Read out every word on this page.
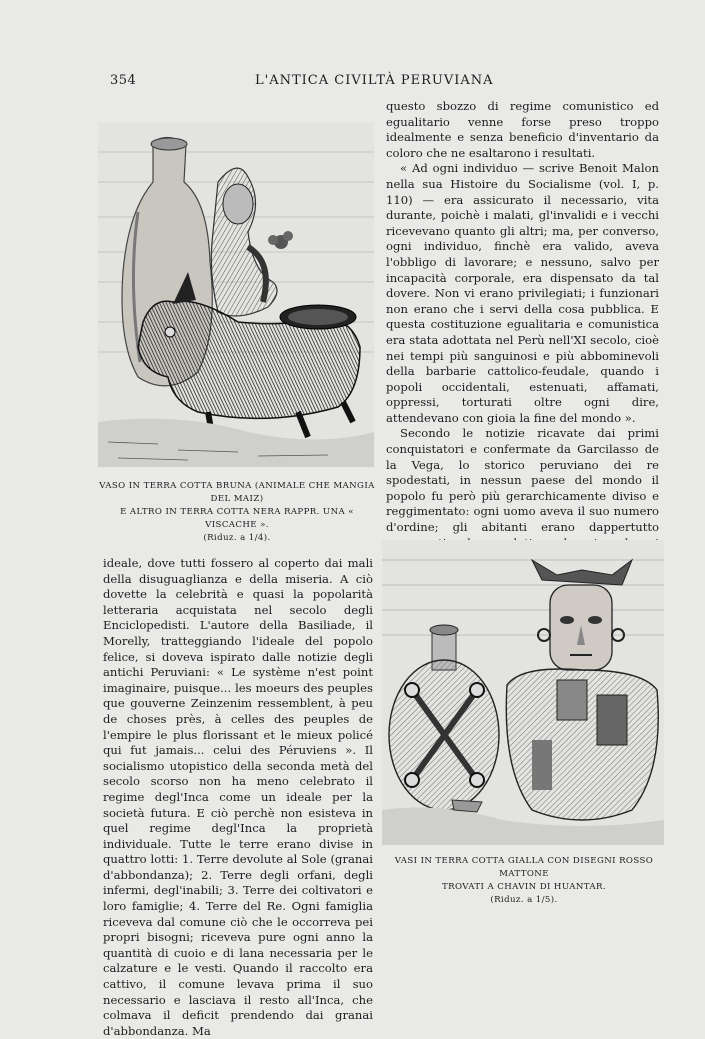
354	L'ANTICA CIVILTÀ PERUVIANA
VASO IN TERRA COTTA BRUNA (ANIMALE CHE MANGIA DEL MAIZ)
E ALTRO IN TERRA COTTA NERA RAPPR. UNA « VISCACHE ».
(Riduz. a 1/4).

questo sbozzo di regime comunistico ed egualitario venne forse preso troppo idealmente e senza beneficio d'inventario da coloro che ne esaltarono i resultati.

« Ad ogni individuo — scrive Benoit Malon nella sua Histoire du Socialisme (vol. I, p. 110) — era assicurato il necessario, vita durante, poichè i malati, gl'invalidi e i vecchi ricevevano quanto gli altri; ma, per converso, ogni individuo, finchè era valido, aveva l'obbligo di lavorare; e nessuno, salvo per incapacità corporale, era dispensato da tal dovere. Non vi erano privilegiati; i funzionari non erano che i servi della cosa pubblica. E questa costituzione egualitaria e comunistica era stata adottata nel Perù nell'XI secolo, cioè nei tempi più sanguinosi e più abbominevoli della barbarie cattolico-feudale, quando i popoli occidentali, estenuati, affamati, oppressi, torturati oltre ogni dire, attendevano con gioia la fine del mondo ».

Secondo le notizie ricavate dai primi conquistatori e confermate da Garcilasso de la Vega, lo storico peruviano dei re spodestati, in nessun paese del mondo il popolo fu però più gerarchicamente diviso e reggimentato: ogni uomo aveva il suo numero d'ordine; gli abitanti erano dappertutto

ideale, dove tutti fossero al coperto dai mali della disuguaglianza e della miseria. A ciò dovette la celebrità e quasi la popolarità letteraria acquistata nel secolo degli Enciclopedisti. L'autore della Basiliade, il Morelly, tratteggiando l'ideale del popolo felice, si doveva ispirato dalle notizie degli antichi Peruviani: « Le système n'est point imaginaire, puisque... les moeurs des peuples que gouverne Zeinzenim ressemblent, à peu de choses près, à celles des peuples de l'empire le plus florissant et le mieux policé qui fut jamais... celui des Péruviens ». Il socialismo utopistico della seconda metà del secolo scorso non ha meno celebrato il regime degl'Inca come un ideale per la società futura. E ciò perchè non esisteva in quel regime degl'Inca la proprietà individuale. Tutte le terre erano divise in quattro lotti: 1. Terre devolute al Sole (granai d'abbondanza); 2. Terre degli orfani, degli infermi, degl'inabili; 3. Terre dei coltivatori e loro famiglie; 4. Terre del Re. Ogni famiglia riceveva dal comune ciò che le occorreva pei propri bisogni; riceveva pure ogni anno la quantità di cuoio e di lana necessaria per le calzature e le vesti. Quando il raccolto era cattivo, il comune levava prima il suo necessario e lasciava il resto all'Inca, che colmava il deficit prendendo dai granai d'abbondanza. Ma

VASI IN TERRA COTTA GIALLA CON DISEGNI ROSSO MATTONE
TROVATI A CHAVIN DI HUANTAR.
(Riduz. a 1/5).
